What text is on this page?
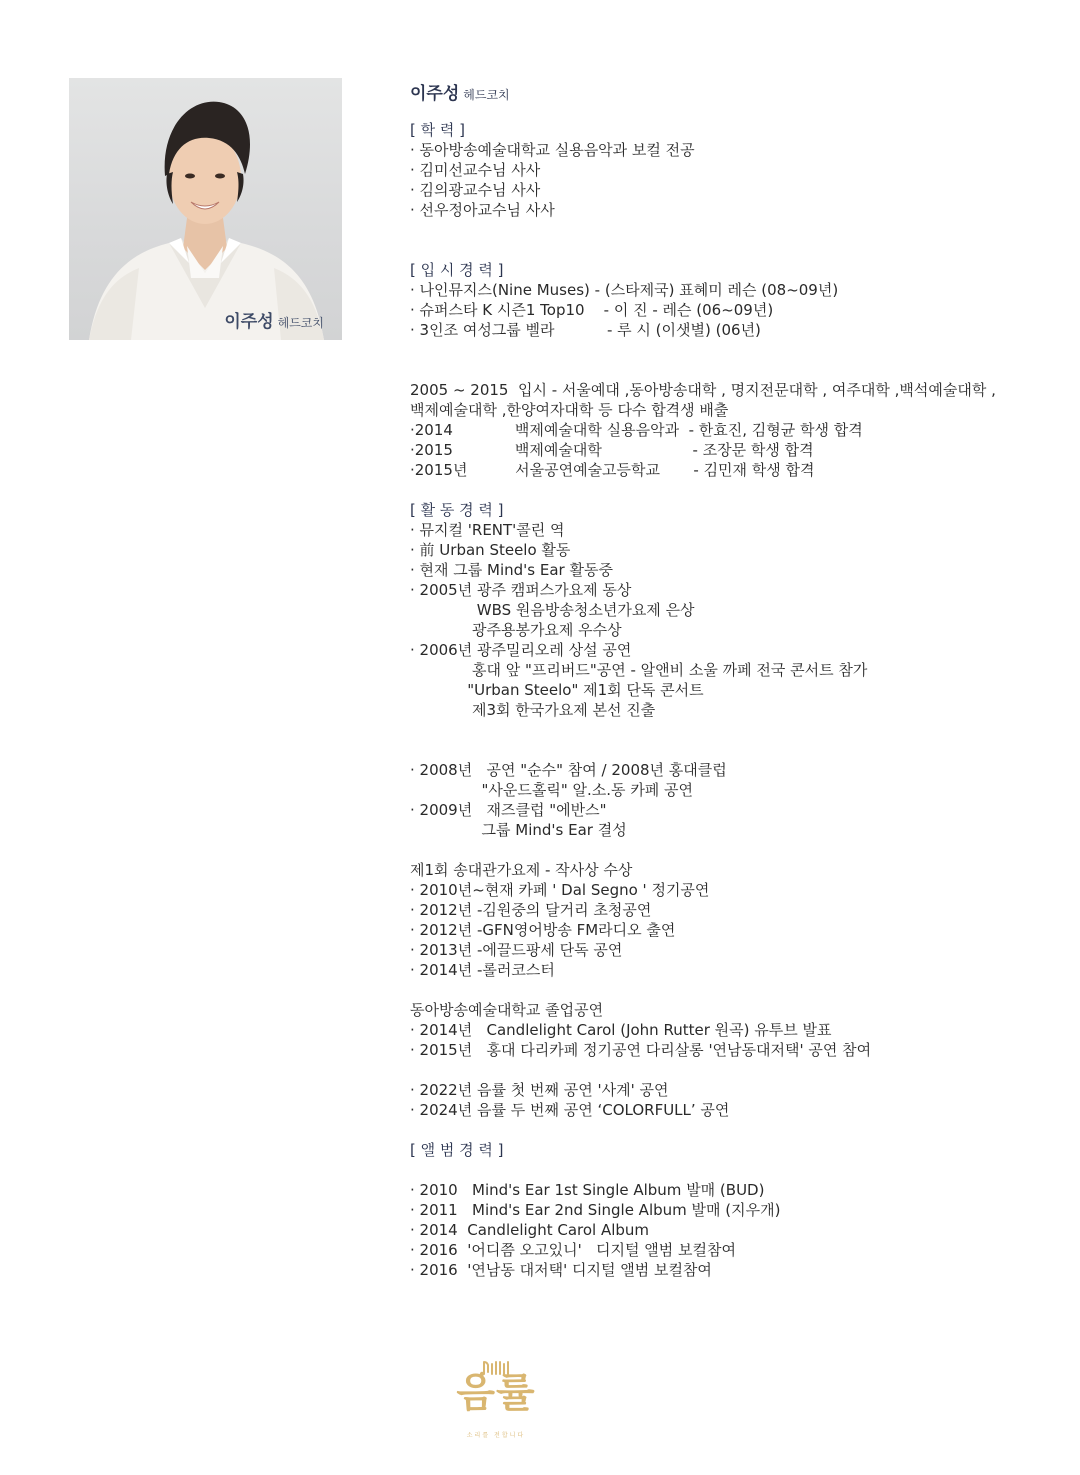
이주성 헤드코치
이주성 헤드코치
[ 학 력 ]
· 동아방송예술대학교 실용음악과 보컬 전공
· 김미선교수님 사사
· 김의광교수님 사사
· 선우정아교수님 사사
[ 입 시 경 력 ]
· 나인뮤지스(Nine Muses) - (스타제국) 표혜미 레슨 (08~09년)
· 슈퍼스타 K 시즌1 Top10    - 이 진 - 레슨 (06~09년)
· 3인조 여성그룹 벨라           - 루 시 (이샛별) (06년)
2005 ~ 2015  입시 - 서울예대 ,동아방송대학 , 명지전문대학 , 여주대학 ,백석예술대학 ,
백제예술대학 ,한양여자대학 등 다수 합격생 배출
·2014             백제예술대학 실용음악과  - 한효진, 김형균 학생 합격
·2015             백제예술대학                   - 조장문 학생 합격
·2015년          서울공연예술고등학교       - 김민재 학생 합격
[ 활 동 경 력 ]
· 뮤지컬 'RENT'콜린 역
· 前 Urban Steelo 활동
· 현재 그룹 Mind's Ear 활동중
· 2005년 광주 캠퍼스가요제 동상
WBS 원음방송청소년가요제 은상
광주용봉가요제 우수상
· 2006년 광주밀리오레 상설 공연
홍대 앞 "프리버드"공연 - 알앤비 소울 까페 전국 콘서트 참가
"Urban Steelo" 제1회 단독 콘서트
제3회 한국가요제 본선 진출
· 2008년   공연 "순수" 참여 / 2008년 홍대클럽
"사운드홀릭" 알.소.동 카페 공연
· 2009년   재즈클럽 "에반스"
그룹 Mind's Ear 결성
제1회 송대관가요제 - 작사상 수상
· 2010년~현재 카페 ' Dal Segno ' 정기공연
· 2012년 -김원중의 달거리 초청공연
· 2012년 -GFN영어방송 FM라디오 출연
· 2013년 -에끌드팡세 단독 공연
· 2014년 -롤러코스터
동아방송예술대학교 졸업공연
· 2014년   Candlelight Carol (John Rutter 원곡) 유투브 발표
· 2015년   홍대 다리카페 정기공연 다리살롱 '연남동대저택' 공연 참여
· 2022년 음률 첫 번째 공연 '사계' 공연
· 2024년 음률 두 번째 공연 ‘COLORFULL’ 공연
[ 앨 범 경 력 ]
· 2010   Mind's Ear 1st Single Album 발매 (BUD)
· 2011   Mind's Ear 2nd Single Album 발매 (지우개)
· 2014  Candlelight Carol Album
· 2016  '어디쯤 오고있니'   디지털 앨범 보컬참여
· 2016  '연남동 대저택' 디지털 앨범 보컬참여
음률
소리를 전합니다
